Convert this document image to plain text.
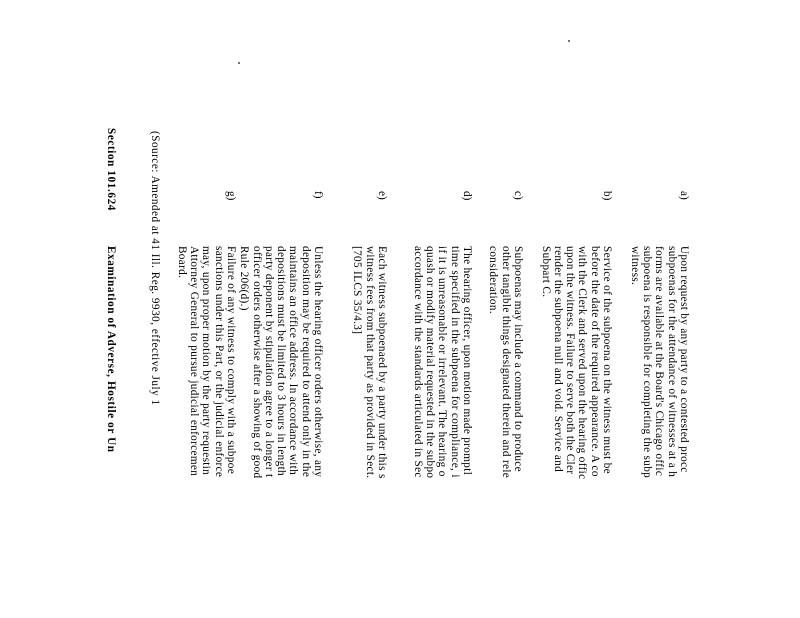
a)
Upon request by any party to a contested procc
subpoenas for the attendance of witnesses at a h
forms are available at the Board's Chicago offic
subpoena is responsible for completing the subp
witness.
b)
Service of the subpoena on the witness must be
before the date of the required appearance. A co
with the Clerk and served upon the hearing offic
upon the witness. Failure to serve both the Cler
render the subpoena null and void. Service and
Subpart C.
c)
Subpoenas may include a command to produce
other tangible things designated therein and rele
consideration.
d)
The hearing officer, upon motion made promptl
time specified in the subpoena for compliance, i
if it is unreasonable or irrelevant. The hearing o
quash or modify material requested in the subpo
accordance with the standards articulated in Sec
e)
Each witness subpoenaed by a party under this s
witness fees from that party as provided in Sect.
[705 ILCS 35/4.3]
f)
Unless the hearing officer orders otherwise, any
deposition may be required to attend only in the
maintains an office address. In accordance with
depositions must be limited to 3 hours in length
party deponent by stipulation agree to a longer t
officer orders otherwise after a showing of good
Rule 206(d).)
g)
Failure of any witness to comply with a subpoe
sanctions under this Part, or the judicial enforce
may, upon proper motion by the party requestin
Attorney General to pursue judicial enforcemen
Board.
(Source: Amended at 41 Ill. Reg. 9930, effective July 1
Section 101.624Examination of Adverse, Hostile or Un
